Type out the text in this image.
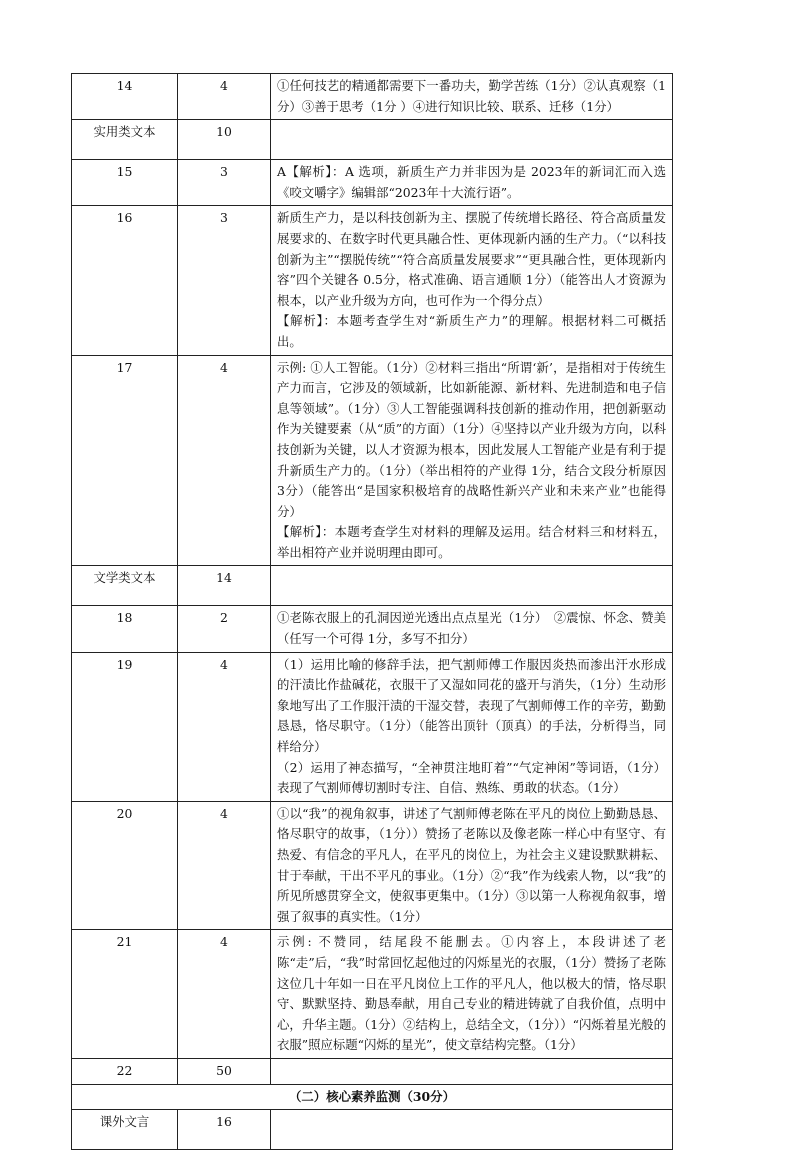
14	4	①任何技艺的精通都需要下一番功夫，勤学苦练（1分）②认真观察（1分）③善于思考（1分 ）④进行知识比较、联系、迁移（1分）

实用类文本	10	

15	3	A【解析】：A 选项，新质生产力并非因为是 2023年的新词汇而入选《咬文嚼字》编辑部“2023年十大流行语”。

16	3	新质生产力，是以科技创新为主、摆脱了传统增长路径、符合高质量发展要求的、在数字时代更具融合性、更体现新内涵的生产力。（“以科技创新为主”“摆脱传统”“符合高质量发展要求”“更具融合性，更体现新内容”四个关键各 0.5分，格式准确、语言通顺 1分）（能答出人才资源为根本，以产业升级为方向，也可作为一个得分点）
【解析】：本题考查学生对“新质生产力”的理解。根据材料二可概括出。

17	4	示例: ①人工智能。（1分）②材料三指出“所谓‘新’，是指相对于传统生产力而言，它涉及的领域新，比如新能源、新材料、先进制造和电子信息等领域”。（1分）③人工智能强调科技创新的推动作用，把创新驱动作为关键要素（从“质”的方面）（1分）④坚持以产业升级为方向，以科技创新为关键，以人才资源为根本，因此发展人工智能产业是有利于提升新质生产力的。（1分）（举出相符的产业得 1分，结合文段分析原因 3分）（能答出“是国家积极培育的战略性新兴产业和未来产业”也能得分）
【解析】：本题考查学生对材料的理解及运用。结合材料三和材料五，举出相符产业并说明理由即可。

文学类文本	14	

18	2	①老陈衣服上的孔洞因逆光透出点点星光（1分）　②震惊、怀念、赞美（任写一个可得 1分，多写不扣分）

19	4	（1）运用比喻的修辞手法，把气割师傅工作服因炎热而渗出汗水形成的汗渍比作盐碱花，衣服干了又湿如同花的盛开与消失，（1分）生动形象地写出了工作服汗渍的干湿交替，表现了气割师傅工作的辛劳，勤勤恳恳，恪尽职守。（1分）（能答出顶针（顶真）的手法，分析得当，同样给分）
（2）运用了神态描写，“全神贯注地盯着”“气定神闲”等词语，（1分）表现了气割师傅切割时专注、自信、熟练、勇敢的状态。（1分）

20	4	①以“我”的视角叙事，讲述了气割师傅老陈在平凡的岗位上勤勤恳恳、恪尽职守的故事，（1分））赞扬了老陈以及像老陈一样心中有坚守、有热爱、有信念的平凡人，在平凡的岗位上，为社会主义建设默默耕耘、甘于奉献，干出不平凡的事业。（1分）②“我”作为线索人物，以“我”的所见所感贯穿全文，使叙事更集中。（1分）③以第一人称视角叙事，增强了叙事的真实性。（1分）

21	4	示例: 不赞同，结尾段不能删去。①内容上，本段讲述了老陈“走”后，“我”时常回忆起他过的闪烁星光的衣服，（1分）赞扬了老陈这位几十年如一日在平凡岗位上工作的平凡人，他以极大的情，恪尽职守、默默坚持、勤恳奉献，用自己专业的精进铸就了自我价值，点明中心，升华主题。（1分）②结构上，总结全文，（1分））“闪烁着星光般的衣服”照应标题“闪烁的星光”，使文章结构完整。（1分）

22	50	

（二）核心素养监测（30分）		
课外文言	16	
